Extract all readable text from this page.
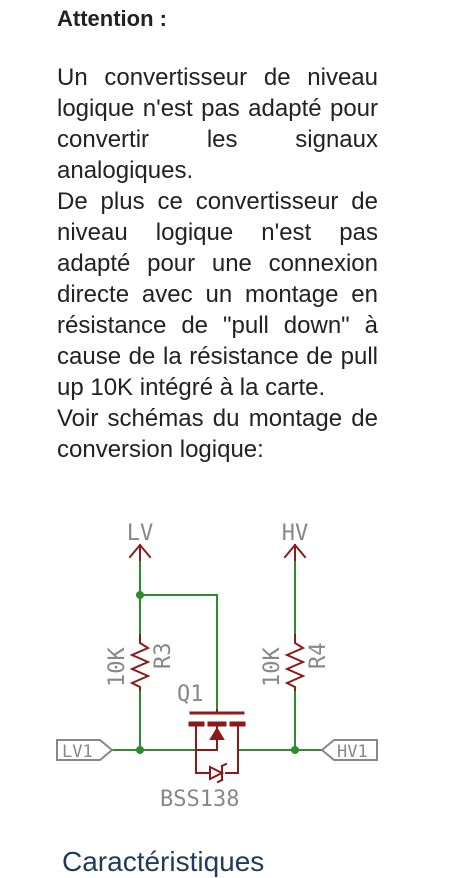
Attention :

Un convertisseur de niveau logique n'est pas adapté pour convertir les signaux analogiques.

De plus ce convertisseur de niveau logique n'est pas adapté pour une connexion directe avec un montage en résistance de "pull down" à cause de la résistance de pull up 10K intégré à la carte.

Voir schémas du montage de conversion logique:

LV	HV
10K R3	10K R4
Q1
BSS138
LV1	HV1
Caractéristiques
